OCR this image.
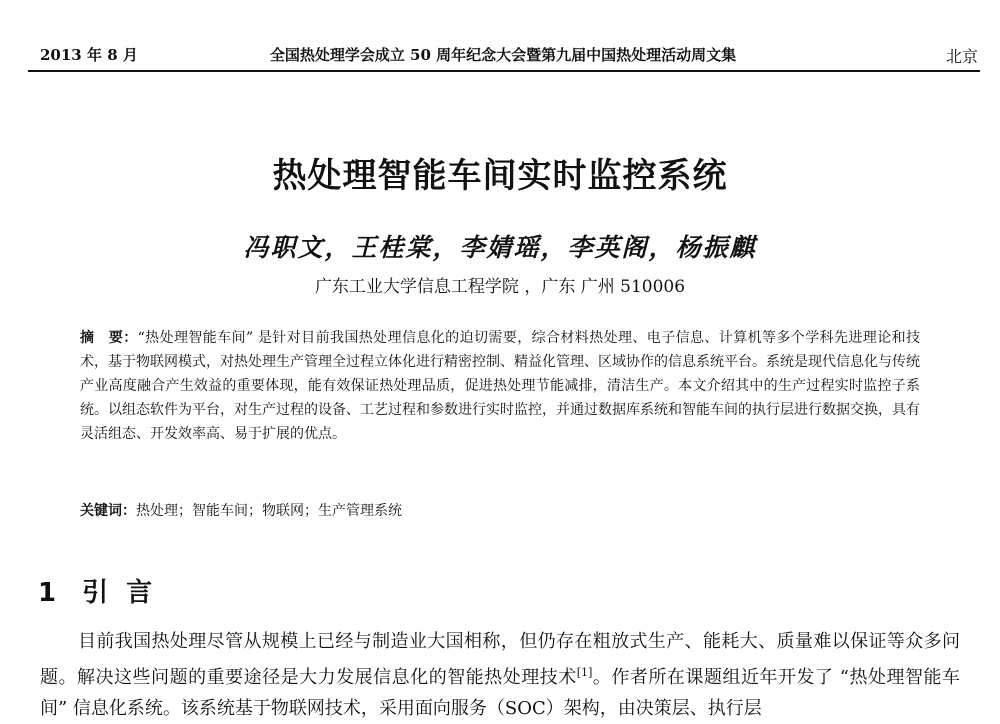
2013 年 8 月	全国热处理学会成立 50 周年纪念大会暨第九届中国热处理活动周文集	北京
热处理智能车间实时监控系统
冯职文，王桂棠，李婧瑶，李英阁，杨振麒
广东工业大学信息工程学院 ，广东 广州 510006
摘　要：“热处理智能车间” 是针对目前我国热处理信息化的迫切需要，综合材料热处理、电子信息、计算机等多个学科先进理论和技术，基于物联网模式，对热处理生产管理全过程立体化进行精密控制、精益化管理、区域协作的信息系统平台。系统是现代信息化与传统产业高度融合产生效益的重要体现，能有效保证热处理品质，促进热处理节能减排，清洁生产。本文介绍其中的生产过程实时监控子系统。以组态软件为平台，对生产过程的设备、工艺过程和参数进行实时监控，并通过数据库系统和智能车间的执行层进行数据交换，具有灵活组态、开发效率高、易于扩展的优点。
关键词：热处理；智能车间；物联网；生产管理系统
1 引言

目前我国热处理尽管从规模上已经与制造业大国相称，但仍存在粗放式生产、能耗大、质量难以保证等众多问题。解决这些问题的重要途径是大力发展信息化的智能热处理技术[1]。作者所在课题组近年开发了 “热处理智能车间” 信息化系统。该系统基于物联网技术，采用面向服务（SOC）架构，由决策层、执行层
